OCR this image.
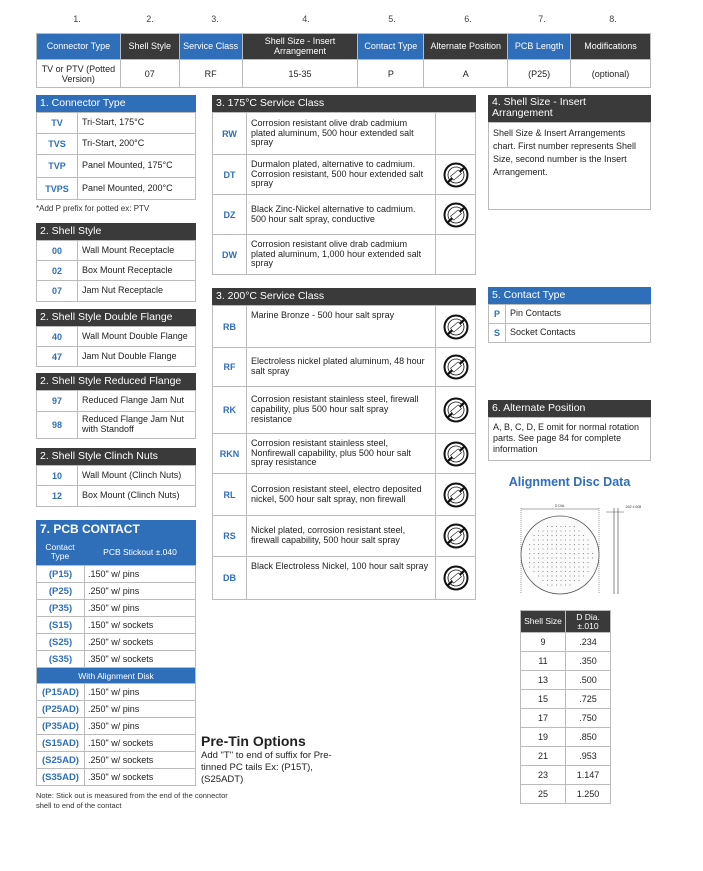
1.	2.	3.	4.	5.	6.	7.	8.
Connector Type	Shell Style	Service Class	Shell Size - Insert Arrangement	Contact Type	Alternate Position	PCB Length	Modifications
TV or PTV (Potted Version)	07	RF	15-35	P	A	(P25)	(optional)
1. Connector Type
TV	Tri-Start, 175°C
TVS	Tri-Start, 200°C
TVP	Panel Mounted, 175°C
TVPS	Panel Mounted, 200°C
*Add P prefix for potted ex: PTV
2. Shell Style
00	Wall Mount Receptacle
02	Box Mount Receptacle
07	Jam Nut Receptacle
2. Shell Style Double Flange
40	Wall Mount Double Flange
47	Jam Nut Double Flange
2. Shell Style Reduced Flange
97	Reduced Flange Jam Nut
98	Reduced Flange Jam Nut with Standoff
2. Shell Style Clinch Nuts
10	Wall Mount (Clinch Nuts)
12	Box Mount (Clinch Nuts)
7. PCB CONTACT
Contact Type	PCB Stickout ±.040
(P15)	.150" w/ pins
(P25)	.250" w/ pins
(P35)	.350" w/ pins
(S15)	.150" w/ sockets
(S25)	.250" w/ sockets
(S35)	.350" w/ sockets
With Alignment Disk	
(P15AD)	.150" w/ pins
(P25AD)	.250" w/ pins
(P35AD)	.350" w/ pins
(S15AD)	.150" w/ sockets
(S25AD)	.250" w/ sockets
(S35AD)	.350" w/ sockets
Note: Stick out is measured from the end of the connector shell to end of the contact
3. 175°C Service Class
RW	Corrosion resistant olive drab cadmium plated aluminum, 500 hour extended salt spray	
DT	Durmalon plated, alternative to cadmium. Corrosion resistant, 500 hour extended salt spray	

DZ	Black Zinc-Nickel alternative to cadmium. 500 hour salt spray, conductive	

DW	Corrosion resistant olive drab cadmium plated aluminum, 1,000 hour extended salt spray	
3. 200°C Service Class
RB	Marine Bronze - 500 hour salt spray	

RF	Electroless nickel plated aluminum, 48 hour salt spray	

RK	Corrosion resistant stainless steel, firewall capability, plus 500 hour salt spray resistance	

RKN	Corrosion resistant stainless steel, Nonfirewall capability, plus 500 hour salt spray resistance	

RL	Corrosion resistant steel, electro deposited nickel, 500 hour salt spray, non firewall	

RS	Nickel plated, corrosion resistant steel, firewall capability, 500 hour salt spray	

DB	Black Electroless Nickel, 100 hour salt spray	
Pre-Tin Options
Add "T" to end of suffix for Pre-tinned PC tails Ex: (P15T), (S25ADT)
4. Shell Size - Insert Arrangement
Shell Size & Insert Arrangements chart. First number represents Shell Size, second number is the Insert Arrangement.
5. Contact Type
P	Pin Contacts
S	Socket Contacts
6. Alternate Position
A, B, C, D, E omit for normal rotation parts. See page 84 for complete information
Alignment Disc Data
D DIA.	.032 ±.008
Shell Size	D Dia. ±.010
9	.234
11	.350
13	.500
15	.725
17	.750
19	.850
21	.953
23	1.147
25	1.250
